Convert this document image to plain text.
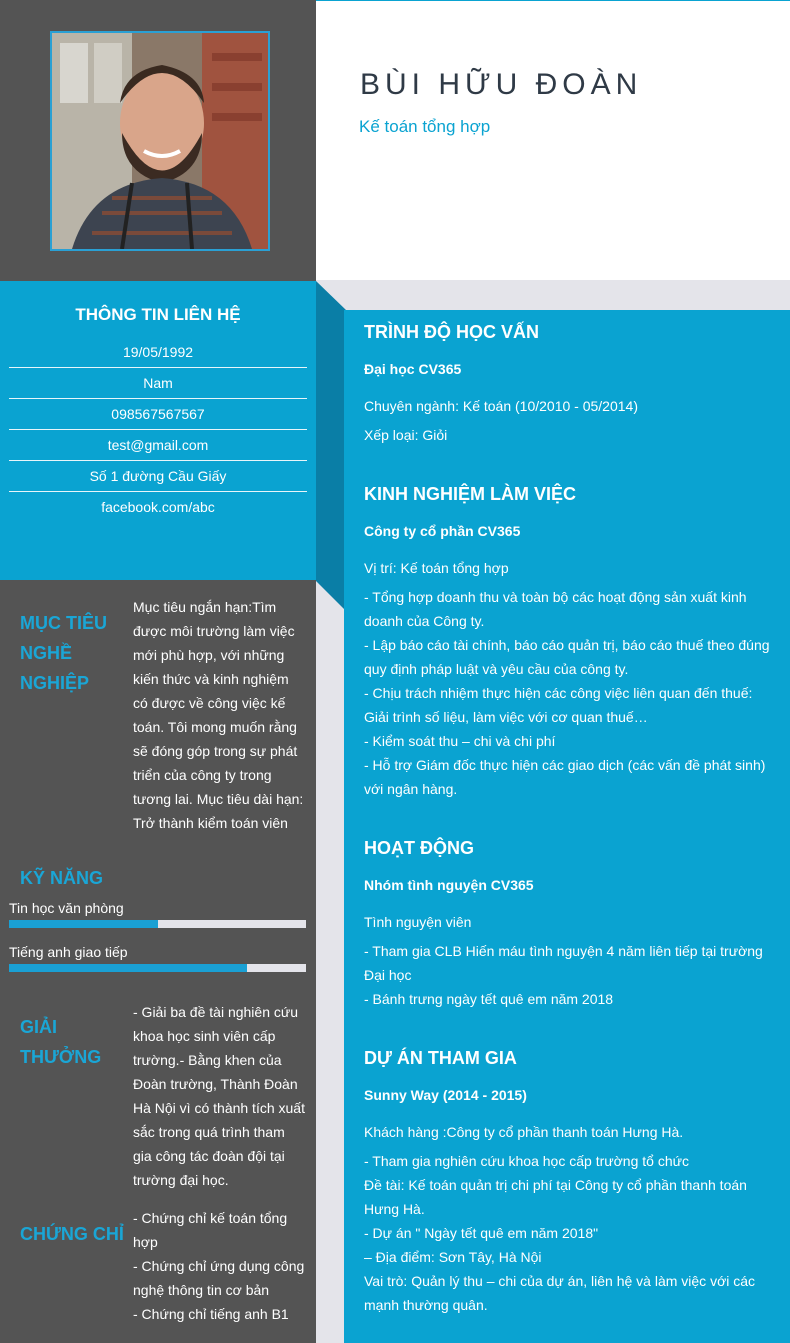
THÔNG TIN LIÊN HỆ
19/05/1992
Nam
098567567567
test@gmail.com
Số 1 đường Cầu Giấy
facebook.com/abc
MỤC TIÊU
NGHỀ
NGHIỆP
Mục tiêu ngắn hạn:Tìm
được môi trường làm việc
mới phù hợp, với những
kiến thức và kinh nghiệm
có được về công việc kế
toán. Tôi mong muốn rằng
sẽ đóng góp trong sự phát
triển của công ty trong
tương lai. Mục tiêu dài hạn:
Trở thành kiểm toán viên
KỸ NĂNG
Tin học văn phòng
Tiếng anh giao tiếp
GIẢI
THƯỞNG
- Giải ba đề tài nghiên cứu
khoa học sinh viên cấp
trường.- Bằng khen của
Đoàn trường, Thành Đoàn
Hà Nội vì có thành tích xuất
sắc trong quá trình tham
gia công tác đoàn đội tại
trường đại học.
CHỨNG CHỈ
- Chứng chỉ kế toán tổng
hợp
- Chứng chỉ ứng dụng công
nghệ thông tin cơ bản
- Chứng chỉ tiếng anh B1
BÙI HỮU ĐOÀN
Kế toán tổng hợp
TRÌNH ĐỘ HỌC VẤN
Đại học CV365
Chuyên ngành: Kế toán (10/2010 - 05/2014)
Xếp loại: Giỏi
KINH NGHIỆM LÀM VIỆC
Công ty cổ phần CV365
Vị trí: Kế toán tổng hợp
- Tổng hợp doanh thu và toàn bộ các hoạt động sản xuất kinh
doanh của Công ty.
- Lập báo cáo tài chính, báo cáo quản trị, báo cáo thuế theo đúng
quy định pháp luật và yêu cầu của công ty.
- Chịu trách nhiệm thực hiện các công việc liên quan đến thuế:
Giải trình số liệu, làm việc với cơ quan thuế…
- Kiểm soát thu – chi và chi phí
- Hỗ trợ Giám đốc thực hiện các giao dịch (các vấn đề phát sinh)
với ngân hàng.
HOẠT ĐỘNG
Nhóm tình nguyện CV365
Tình nguyện viên
- Tham gia CLB Hiến máu tình nguyện 4 năm liên tiếp tại trường
Đại học
- Bánh trưng ngày tết quê em năm 2018
DỰ ÁN THAM GIA
Sunny Way (2014 - 2015)
Khách hàng :Công ty cổ phần thanh toán Hưng Hà.
- Tham gia nghiên cứu khoa học cấp trường tổ chức
Đề tài: Kế toán quản trị chi phí tại Công ty cổ phần thanh toán
Hưng Hà.
- Dự án " Ngày tết quê em năm 2018"
– Địa điểm: Sơn Tây, Hà Nội
Vai trò: Quản lý thu – chi của dự án, liên hệ và làm việc với các
mạnh thường quân.
